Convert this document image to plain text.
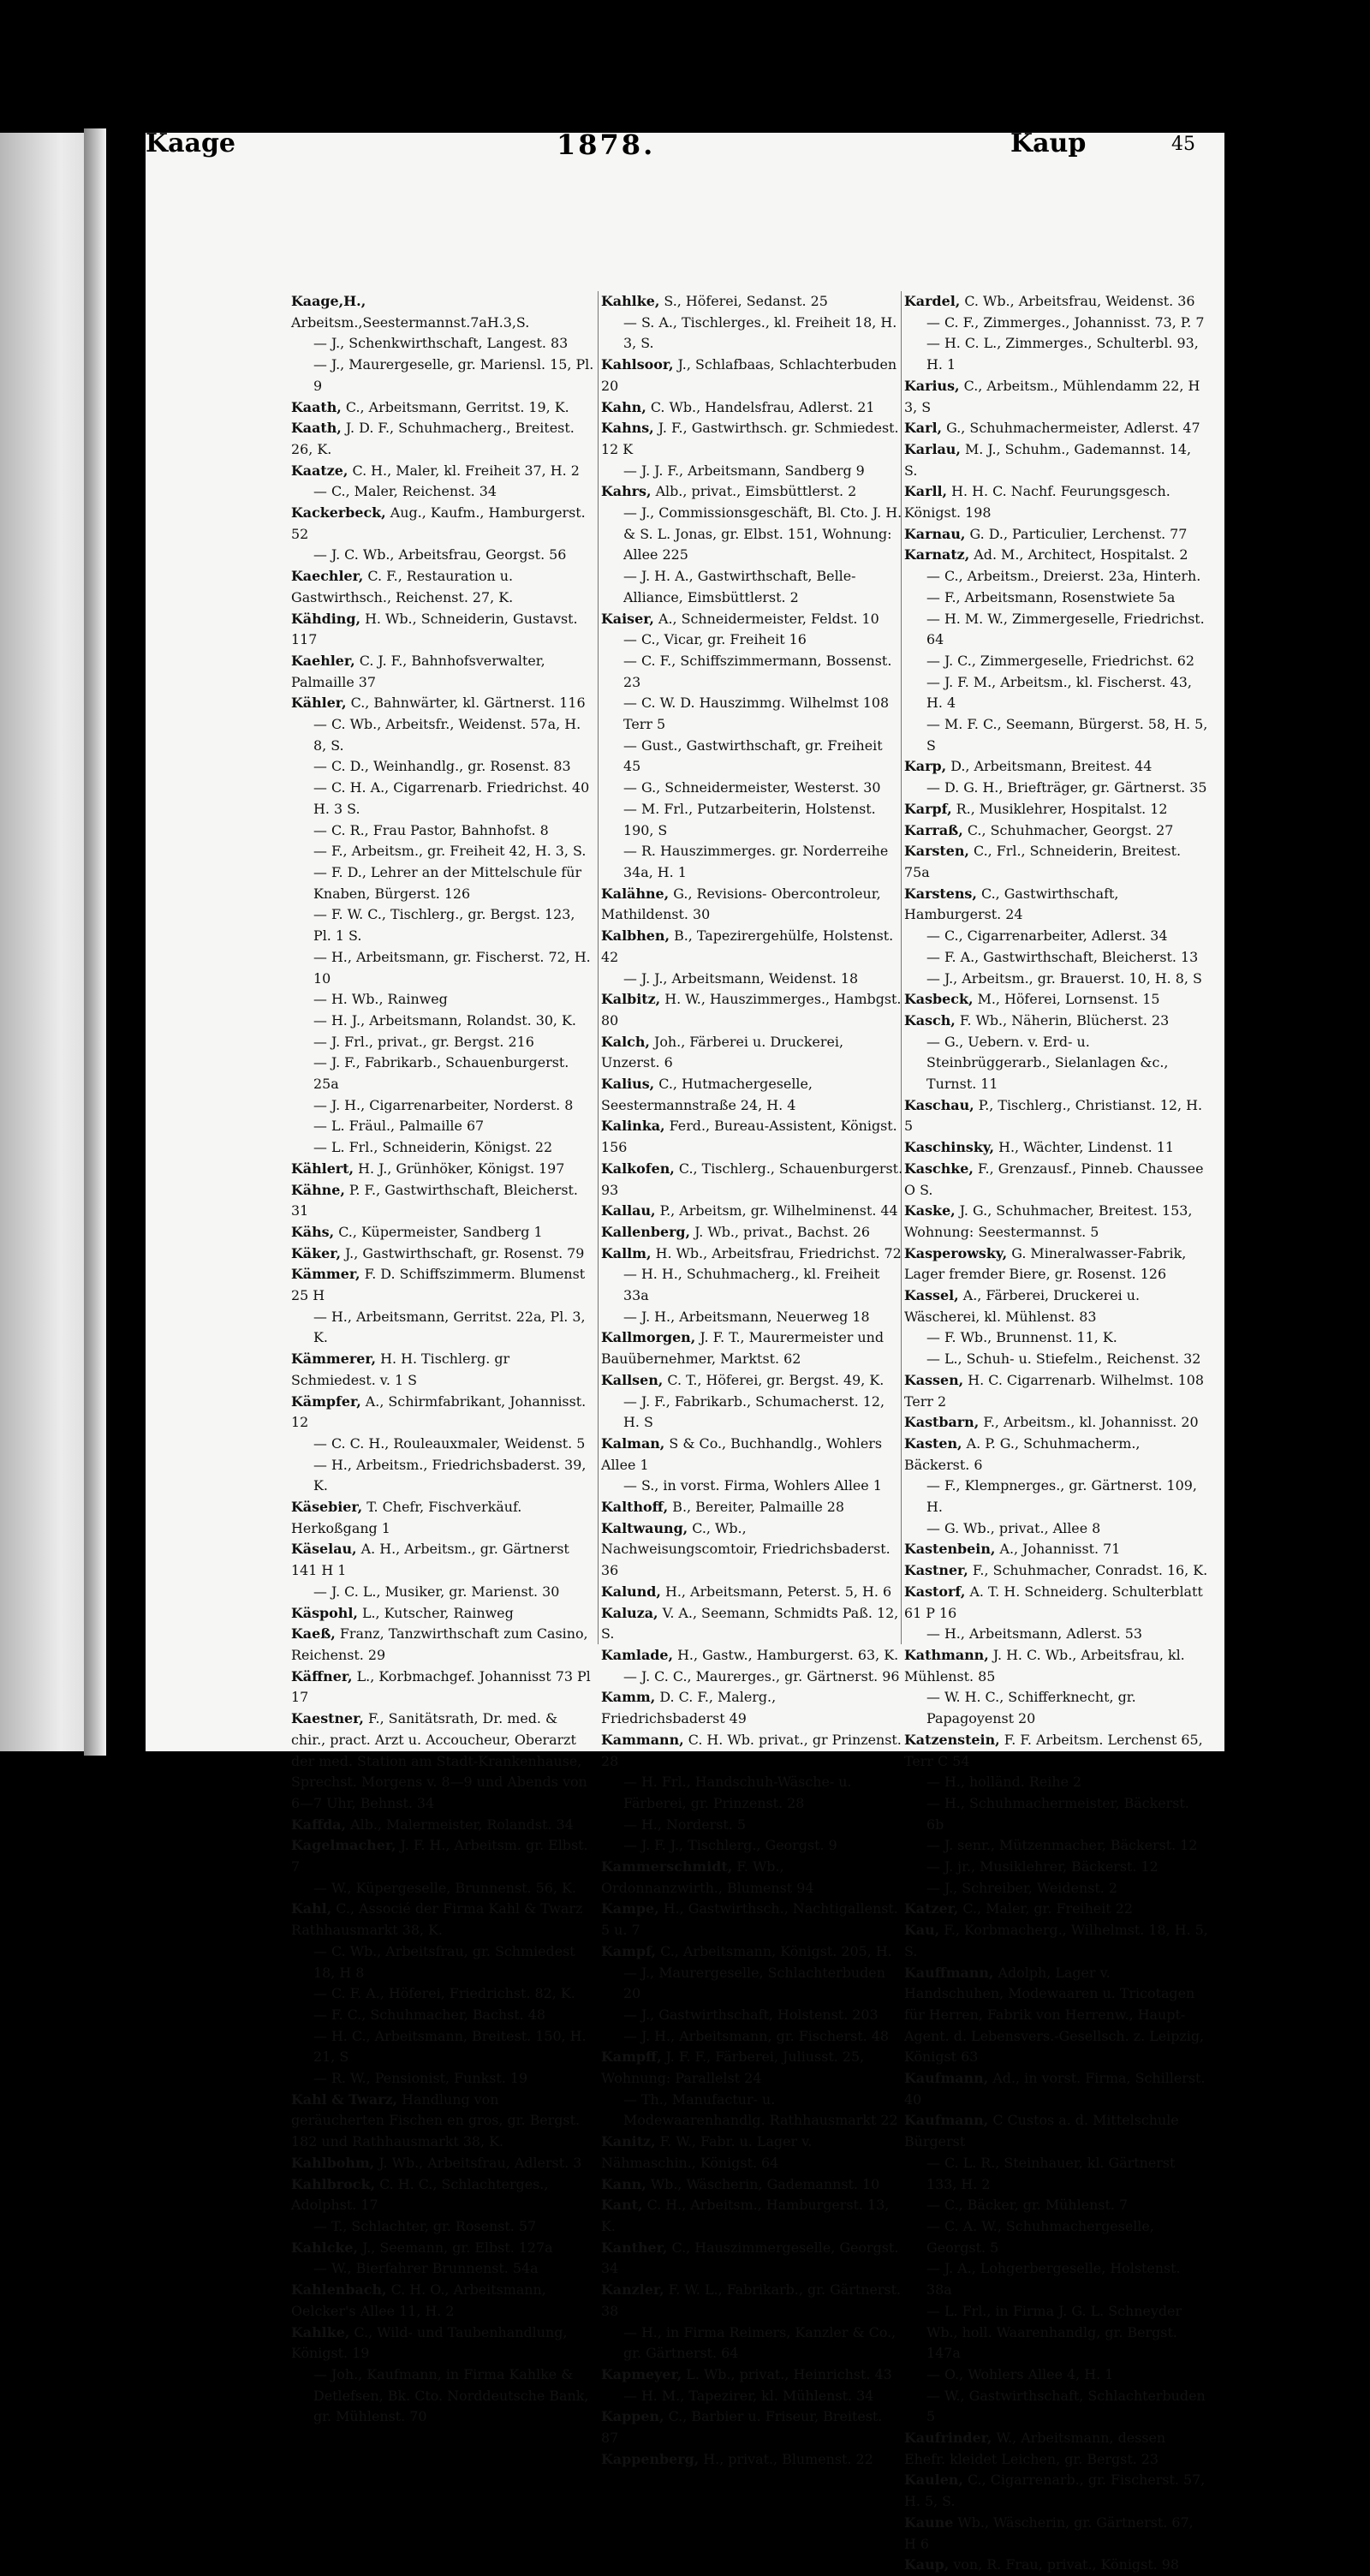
Kaage	1878.	Kaup	45
Kaage,H., Arbeitsm.,Seestermannst.7aH.3,S.
— J., Schenkwirthschaft, Langest. 83
— J., Maurergeselle, gr. Mariensl. 15, Pl. 9
Kaath, C., Arbeitsmann, Gerritst. 19, K.
Kaath, J. D. F., Schuhmacherg., Breitest. 26, K.
Kaatze, C. H., Maler, kl. Freiheit 37, H. 2
— C., Maler, Reichenst. 34
Kackerbeck, Aug., Kaufm., Hamburgerst. 52
— J. C. Wb., Arbeitsfrau, Georgst. 56
Kaechler, C. F., Restauration u. Gastwirthsch., Reichenst. 27, K.
Kähding, H. Wb., Schneiderin, Gustavst. 117
Kaehler, C. J. F., Bahnhofsverwalter, Palmaille 37
Kähler, C., Bahnwärter, kl. Gärtnerst. 116
— C. Wb., Arbeitsfr., Weidenst. 57a, H. 8, S.
— C. D., Weinhandlg., gr. Rosenst. 83
— C. H. A., Cigarrenarb. Friedrichst. 40 H. 3 S.
— C. R., Frau Pastor, Bahnhofst. 8
— F., Arbeitsm., gr. Freiheit 42, H. 3, S.
— F. D., Lehrer an der Mittelschule für Knaben, Bürgerst. 126
— F. W. C., Tischlerg., gr. Bergst. 123, Pl. 1 S.
— H., Arbeitsmann, gr. Fischerst. 72, H. 10
— H. Wb., Rainweg
— H. J., Arbeitsmann, Rolandst. 30, K.
— J. Frl., privat., gr. Bergst. 216
— J. F., Fabrikarb., Schauenburgerst. 25a
— J. H., Cigarrenarbeiter, Norderst. 8
— L. Fräul., Palmaille 67
— L. Frl., Schneiderin, Königst. 22
Kählert, H. J., Grünhöker, Königst. 197
Kähne, P. F., Gastwirthschaft, Bleicherst. 31
Kähs, C., Küpermeister, Sandberg 1
Käker, J., Gastwirthschaft, gr. Rosenst. 79
Kämmer, F. D. Schiffszimmerm. Blumenst 25 H
— H., Arbeitsmann, Gerritst. 22a, Pl. 3, K.
Kämmerer, H. H. Tischlerg. gr Schmiedest. v. 1 S
Kämpfer, A., Schirmfabrikant, Johannisst. 12
— C. C. H., Rouleauxmaler, Weidenst. 5
— H., Arbeitsm., Friedrichsbaderst. 39, K.
Käsebier, T. Chefr, Fischverkäuf. Herkoßgang 1
Käselau, A. H., Arbeitsm., gr. Gärtnerst 141 H 1
— J. C. L., Musiker, gr. Marienst. 30
Käspohl, L., Kutscher, Rainweg
Kaeß, Franz, Tanzwirthschaft zum Casino, Reichenst. 29
Käffner, L., Korbmachgef. Johannisst 73 Pl 17
Kaestner, F., Sanitätsrath, Dr. med. & chir., pract. Arzt u. Accoucheur, Oberarzt der med. Station am Stadt-Krankenhause, Sprechst. Morgens v. 8—9 und Abends von 6—7 Uhr, Behnst. 34
Kaffda, Alb., Malermeister, Rolandst. 34
Kagelmacher, J. F. H., Arbeitsm. gr. Elbst. 7
— W., Küpergeselle, Brunnenst. 56, K.
Kahl, C., Associé der Firma Kahl & Twarz Rathhausmarkt 38, K.
— C. Wb., Arbeitsfrau, gr. Schmiedest 18, H 8
— C. F. A., Höferei, Friedrichst. 82, K.
— F. C., Schuhmacher, Bachst. 48
— H. C., Arbeitsmann, Breitest. 150, H. 21, S
— R. W., Pensionist, Funkst. 19
Kahl & Twarz, Handlung von geräucherten Fischen en gros, gr. Bergst. 182 und Rathhausmarkt 38, K.
Kahlbohm, J. Wb., Arbeitsfrau, Adlerst. 3
Kahlbrock, C. H. C., Schlachterges., Adolphst. 17
— T., Schlachter, gr. Rosenst. 57
Kahlcke, J., Seemann, gr. Elbst. 127a
— W., Bierfahrer Brunnenst. 54a
Kahlenbach, C. H. O., Arbeitsmann, Oelcker's Allee 11, H. 2
Kahlke, C., Wild- und Taubenhandlung, Königst. 19
— Joh., Kaufmann, in Firma Kahlke & Detlefsen, Bk. Cto. Norddeutsche Bank, gr. Mühlenst. 70
Kahlke, S., Höferei, Sedanst. 25
— S. A., Tischlerges., kl. Freiheit 18, H. 3, S.
Kahlsoor, J., Schlafbaas, Schlachterbuden 20
Kahn, C. Wb., Handelsfrau, Adlerst. 21
Kahns, J. F., Gastwirthsch. gr. Schmiedest. 12 K
— J. J. F., Arbeitsmann, Sandberg 9
Kahrs, Alb., privat., Eimsbüttlerst. 2
— J., Commissionsgeschäft, Bl. Cto. J. H. & S. L. Jonas, gr. Elbst. 151, Wohnung: Allee 225
— J. H. A., Gastwirthschaft, Belle-Alliance, Eimsbüttlerst. 2
Kaiser, A., Schneidermeister, Feldst. 10
— C., Vicar, gr. Freiheit 16
— C. F., Schiffszimmermann, Bossenst. 23
— C. W. D. Hauszimmg. Wilhelmst 108 Terr 5
— Gust., Gastwirthschaft, gr. Freiheit 45
— G., Schneidermeister, Westerst. 30
— M. Frl., Putzarbeiterin, Holstenst. 190, S
— R. Hauszimmerges. gr. Norderreihe 34a, H. 1
Kalähne, G., Revisions- Obercontroleur, Mathildenst. 30
Kalbhen, B., Tapezirergehülfe, Holstenst. 42
— J. J., Arbeitsmann, Weidenst. 18
Kalbitz, H. W., Hauszimmerges., Hambgst. 80
Kalch, Joh., Färberei u. Druckerei, Unzerst. 6
Kalius, C., Hutmachergeselle, Seestermannstraße 24, H. 4
Kalinka, Ferd., Bureau-Assistent, Königst. 156
Kalkofen, C., Tischlerg., Schauenburgerst. 93
Kallau, P., Arbeitsm, gr. Wilhelminenst. 44
Kallenberg, J. Wb., privat., Bachst. 26
Kallm, H. Wb., Arbeitsfrau, Friedrichst. 72
— H. H., Schuhmacherg., kl. Freiheit 33a
— J. H., Arbeitsmann, Neuerweg 18
Kallmorgen, J. F. T., Maurermeister und Bauübernehmer, Marktst. 62
Kallsen, C. T., Höferei, gr. Bergst. 49, K.
— J. F., Fabrikarb., Schumacherst. 12, H. S
Kalman, S & Co., Buchhandlg., Wohlers Allee 1
— S., in vorst. Firma, Wohlers Allee 1
Kalthoff, B., Bereiter, Palmaille 28
Kaltwaung, C., Wb., Nachweisungscomtoir, Friedrichsbaderst. 36
Kalund, H., Arbeitsmann, Peterst. 5, H. 6
Kaluza, V. A., Seemann, Schmidts Paß. 12, S.
Kamlade, H., Gastw., Hamburgerst. 63, K.
— J. C. C., Maurerges., gr. Gärtnerst. 96
Kamm, D. C. F., Malerg., Friedrichsbaderst 49
Kammann, C. H. Wb. privat., gr Prinzenst. 28
— H. Frl., Handschuh-Wäsche- u. Färberei, gr. Prinzenst. 28
— H., Norderst. 5
— J. F. J., Tischlerg., Georgst. 9
Kammerschmidt, F. Wb., Ordonnanzwirth., Blumenst 94
Kampe, H., Gastwirthsch., Nachtigallenst. 5 u. 7
Kampf, C., Arbeitsmann, Königst. 205, H.
— J., Maurergeselle, Schlachterbuden 20
— J., Gastwirthschaft, Holstenst. 203
— J. H., Arbeitsmann, gr. Fischerst. 48
Kampff, J. F. F., Färberei, Juliusst. 25, Wohnung: Parallelst 24
— Th., Manufactur- u. Modewaarenhandlg. Rathhausmarkt 22
Kanitz, F. W., Fabr. u. Lager v. Nähmaschin., Königst. 64
Kann, Wb., Wäscherin, Gademannst. 10
Kant, C. H., Arbeitsm., Hamburgerst. 13, K.
Kanther, C., Hauszimmergeselle, Georgst. 34
Kanzler, F. W. L., Fabrikarb., gr. Gärtnerst. 38
— H., in Firma Reimers, Kanzler & Co., gr. Gärtnerst. 64
Kapmeyer, L. Wb., privat., Heinrichst. 43
— H. M., Tapezirer, kl. Mühlenst. 34
Kappen, C., Barbier u. Friseur, Breitest. 87
Kappenberg, H., privat., Blumenst. 22
Kardel, C. Wb., Arbeitsfrau, Weidenst. 36
— C. F., Zimmerges., Johannisst. 73, P. 7
— H. C. L., Zimmerges., Schulterbl. 93, H. 1
Karius, C., Arbeitsm., Mühlendamm 22, H 3, S
Karl, G., Schuhmachermeister, Adlerst. 47
Karlau, M. J., Schuhm., Gademannst. 14, S.
Karll, H. H. C. Nachf. Feurungsgesch. Königst. 198
Karnau, G. D., Particulier, Lerchenst. 77
Karnatz, Ad. M., Architect, Hospitalst. 2
— C., Arbeitsm., Dreierst. 23a, Hinterh.
— F., Arbeitsmann, Rosenstwiete 5a
— H. M. W., Zimmergeselle, Friedrichst. 64
— J. C., Zimmergeselle, Friedrichst. 62
— J. F. M., Arbeitsm., kl. Fischerst. 43, H. 4
— M. F. C., Seemann, Bürgerst. 58, H. 5, S
Karp, D., Arbeitsmann, Breitest. 44
— D. G. H., Briefträger, gr. Gärtnerst. 35
Karpf, R., Musiklehrer, Hospitalst. 12
Karraß, C., Schuhmacher, Georgst. 27
Karsten, C., Frl., Schneiderin, Breitest. 75a
Karstens, C., Gastwirthschaft, Hamburgerst. 24
— C., Cigarrenarbeiter, Adlerst. 34
— F. A., Gastwirthschaft, Bleicherst. 13
— J., Arbeitsm., gr. Brauerst. 10, H. 8, S
Kasbeck, M., Höferei, Lornsenst. 15
Kasch, F. Wb., Näherin, Blücherst. 23
— G., Uebern. v. Erd- u. Steinbrüggerarb., Sielanlagen &c., Turnst. 11
Kaschau, P., Tischlerg., Christianst. 12, H. 5
Kaschinsky, H., Wächter, Lindenst. 11
Kaschke, F., Grenzausf., Pinneb. Chaussee O S.
Kaske, J. G., Schuhmacher, Breitest. 153, Wohnung: Seestermannst. 5
Kasperowsky, G. Mineralwasser-Fabrik, Lager fremder Biere, gr. Rosenst. 126
Kassel, A., Färberei, Druckerei u. Wäscherei, kl. Mühlenst. 83
— F. Wb., Brunnenst. 11, K.
— L., Schuh- u. Stiefelm., Reichenst. 32
Kassen, H. C. Cigarrenarb. Wilhelmst. 108 Terr 2
Kastbarn, F., Arbeitsm., kl. Johannisst. 20
Kasten, A. P. G., Schuhmacherm., Bäckerst. 6
— F., Klempnerges., gr. Gärtnerst. 109, H.
— G. Wb., privat., Allee 8
Kastenbein, A., Johannisst. 71
Kastner, F., Schuhmacher, Conradst. 16, K.
Kastorf, A. T. H. Schneiderg. Schulterblatt 61 P 16
— H., Arbeitsmann, Adlerst. 53
Kathmann, J. H. C. Wb., Arbeitsfrau, kl. Mühlenst. 85
— W. H. C., Schifferknecht, gr. Papagoyenst 20
Katzenstein, F. F. Arbeitsm. Lerchenst 65, Terr C 54
— H., holländ. Reihe 2
— H., Schuhmachermeister, Bäckerst. 6b
— J. senr., Mützenmacher, Bäckerst. 12
— J. jr., Musiklehrer, Bäckerst. 12
— J., Schreiber, Weidenst. 2
Katzer, C., Maler, gr. Freiheit 22
Kau, F., Korbmacherg., Wilhelmst. 18, H. 5, S.
Kauffmann, Adolph, Lager v. Handschuhen, Modewaaren u. Tricotagen für Herren, Fabrik von Herrenw., Haupt-Agent. d. Lebensvers.-Gesellsch. z. Leipzig, Königst 63
Kaufmann, Ad., in vorst. Firma, Schillerst. 40
Kaufmann, C Custos a. d. Mittelschule Bürgerst
— C. L. R., Steinhauer, kl. Gärtnerst 133, H. 2
— C., Bäcker, gr. Mühlenst. 7
— C. A. W., Schuhmachergeselle, Georgst. 5
— J. A., Lohgerbergeselle, Holstenst. 38a
— L. Frl., in Firma J. G. L. Schneyder Wb., holl. Waarenhandlg, gr. Bergst. 147a
— O., Wohlers Allee 4, H. 1
— W., Gastwirthschaft, Schlachterbuden 5
Kaufrinder, W., Arbeitsmann, dessen Ehefr. kleidet Leichen, gr. Bergst. 23
Kaulen, C., Cigarrenarb., gr. Fischerst. 57, H. 5, S.
Kaune Wb., Wäscherin, gr. Gärtnerst. 67, H 6
Kaup, von, R. Frau, privat., Königst. 98
